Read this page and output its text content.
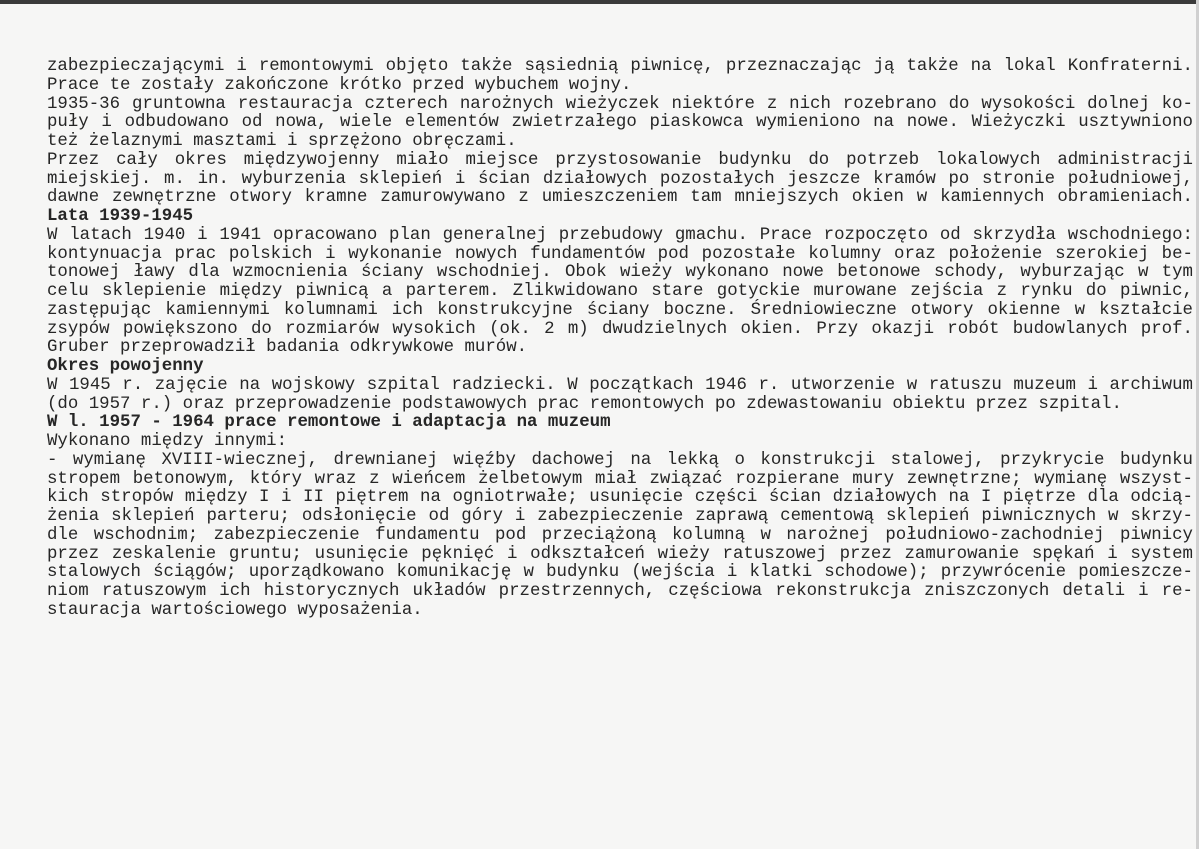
zabezpieczającymi i remontowymi objęto także sąsiednią piwnicę, przeznaczając ją także na lokal Konfraterni.
Prace te zostały zakończone krótko przed wybuchem wojny.
1935-36 gruntowna restauracja czterech narożnych wieżyczek niektóre z nich rozebrano do wysokości dolnej ko-
puły i odbudowano od nowa, wiele elementów zwietrzałego piaskowca wymieniono na nowe. Wieżyczki usztywniono
też żelaznymi masztami i sprzężono obręczami.
Przez cały okres międzywojenny miało miejsce przystosowanie budynku do potrzeb lokalowych administracji
miejskiej. m. in. wyburzenia sklepień i ścian działowych pozostałych jeszcze kramów po stronie południowej,
dawne zewnętrzne otwory kramne zamurowywano z umieszczeniem tam mniejszych okien w kamiennych obramieniach.
Lata 1939-1945
W latach 1940 i 1941 opracowano plan generalnej przebudowy gmachu. Prace rozpoczęto od skrzydła wschodniego:
kontynuacja prac polskich i wykonanie nowych fundamentów pod pozostałe kolumny oraz położenie szerokiej be-
tonowej ławy dla wzmocnienia ściany wschodniej. Obok wieży wykonano nowe betonowe schody, wyburzając w tym
celu sklepienie między piwnicą a parterem. Zlikwidowano stare gotyckie murowane zejścia z rynku do piwnic,
zastępując kamiennymi kolumnami ich konstrukcyjne ściany boczne. Średniowieczne otwory okienne w kształcie
zsypów powiększono do rozmiarów wysokich (ok. 2 m) dwudzielnych okien. Przy okazji robót budowlanych prof.
Gruber przeprowadził badania odkrywkowe murów.
Okres powojenny
W 1945 r. zajęcie na wojskowy szpital radziecki. W początkach 1946 r. utworzenie w ratuszu muzeum i archiwum
(do 1957 r.) oraz przeprowadzenie podstawowych prac remontowych po zdewastowaniu obiektu przez szpital.
W l. 1957 - 1964 prace remontowe i adaptacja na muzeum
Wykonano między innymi:
- wymianę XVIII-wiecznej, drewnianej więźby dachowej na lekką o konstrukcji stalowej, przykrycie budynku
stropem betonowym, który wraz z wieńcem żelbetowym miał związać rozpierane mury zewnętrzne; wymianę wszyst-
kich stropów między I i II piętrem na ogniotrwałe; usunięcie części ścian działowych na I piętrze dla odcią-
żenia sklepień parteru; odsłonięcie od góry i zabezpieczenie zaprawą cementową sklepień piwnicznych w skrzy-
dle wschodnim; zabezpieczenie fundamentu pod przeciążoną kolumną w narożnej południowo-zachodniej piwnicy
przez zeskalenie gruntu; usunięcie pęknięć i odkształceń wieży ratuszowej przez zamurowanie spękań i system
stalowych ściągów; uporządkowano komunikację w budynku (wejścia i klatki schodowe); przywrócenie pomieszcze-
niom ratuszowym ich historycznych układów przestrzennych, częściowa rekonstrukcja zniszczonych detali i re-
stauracja wartościowego wyposażenia.
